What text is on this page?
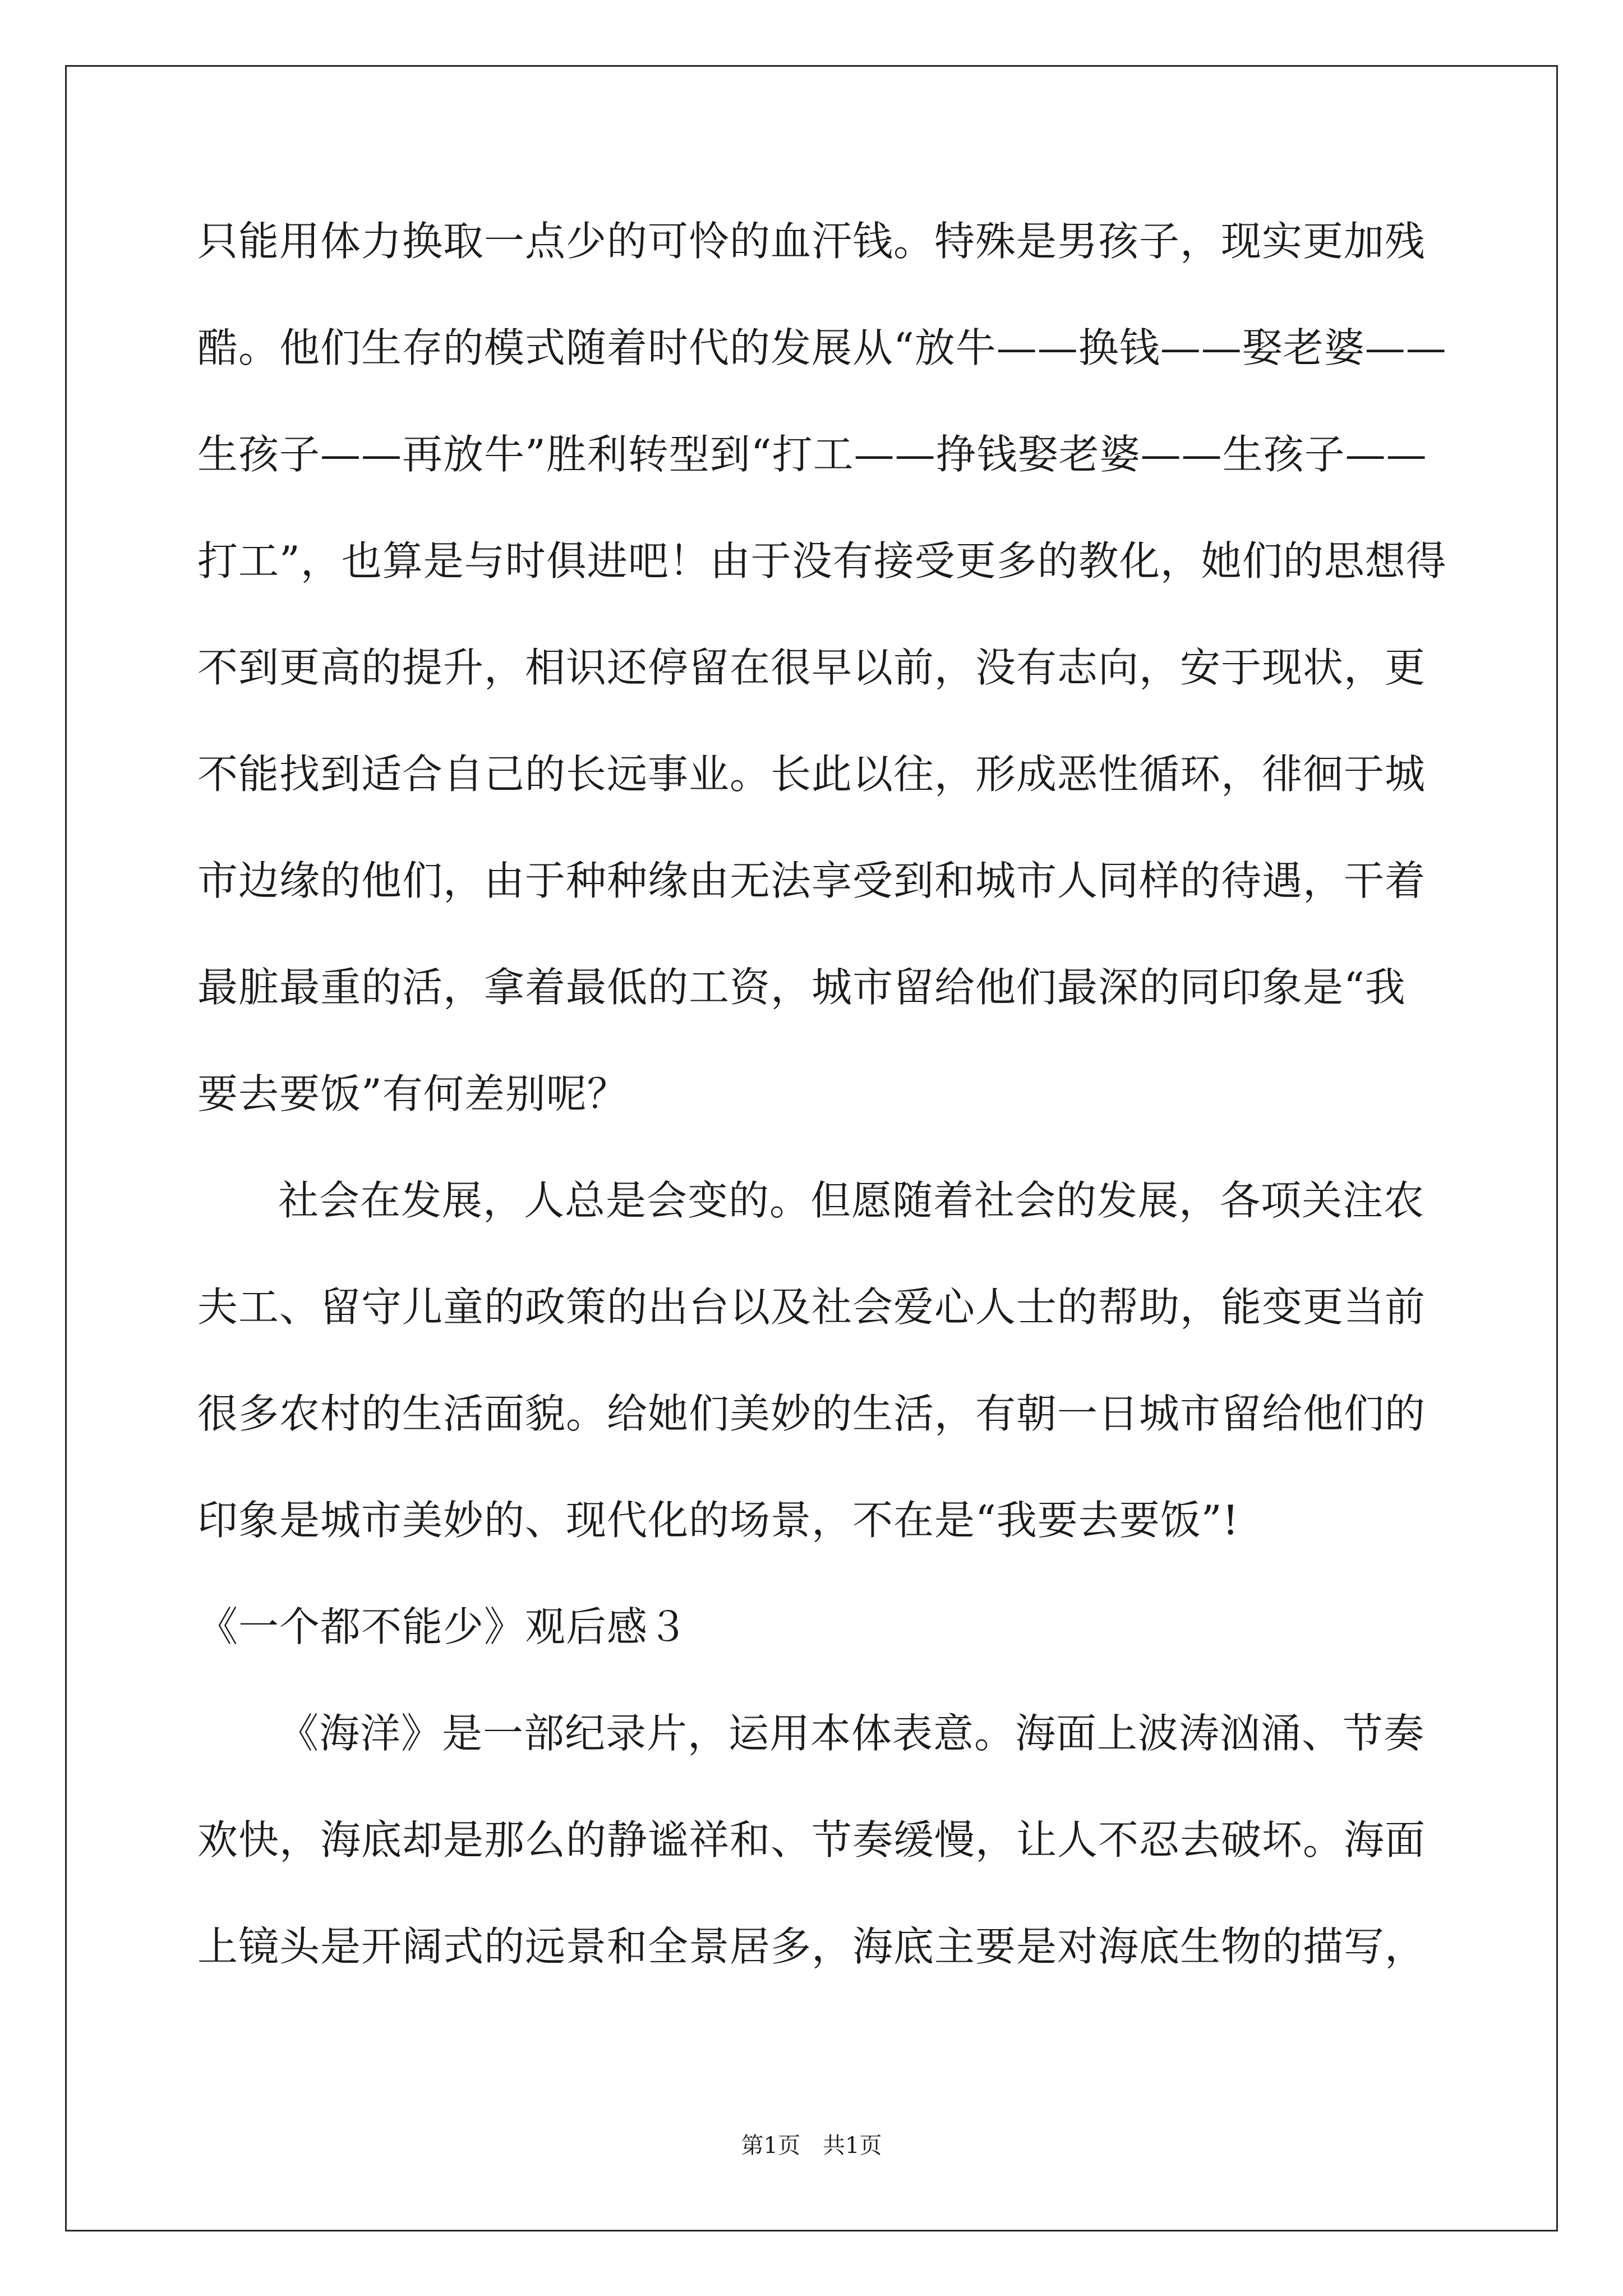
只能用体力换取一点少的可怜的血汗钱。特殊是男孩子，现实更加残
酷。他们生存的模式随着时代的发展从“放牛——换钱——娶老婆——
生孩子——再放牛”胜利转型到“打工——挣钱娶老婆——生孩子——
打工”，也算是与时俱进吧！由于没有接受更多的教化，她们的思想得
不到更高的提升，相识还停留在很早以前，没有志向，安于现状，更
不能找到适合自己的长远事业。长此以往，形成恶性循环，徘徊于城
市边缘的他们，由于种种缘由无法享受到和城市人同样的待遇，干着
最脏最重的活，拿着最低的工资，城市留给他们最深的同印象是“我
要去要饭”有何差别呢？
社会在发展，人总是会变的。但愿随着社会的发展，各项关注农
夫工、留守儿童的政策的出台以及社会爱心人士的帮助，能变更当前
很多农村的生活面貌。给她们美妙的生活，有朝一日城市留给他们的
印象是城市美妙的、现代化的场景，不在是“我要去要饭”!
《一个都不能少》观后感３
《海洋》是一部纪录片，运用本体表意。海面上波涛汹涌、节奏
欢快，海底却是那么的静谧祥和、节奏缓慢，让人不忍去破坏。海面
上镜头是开阔式的远景和全景居多，海底主要是对海底生物的描写，
第1页 共1页
